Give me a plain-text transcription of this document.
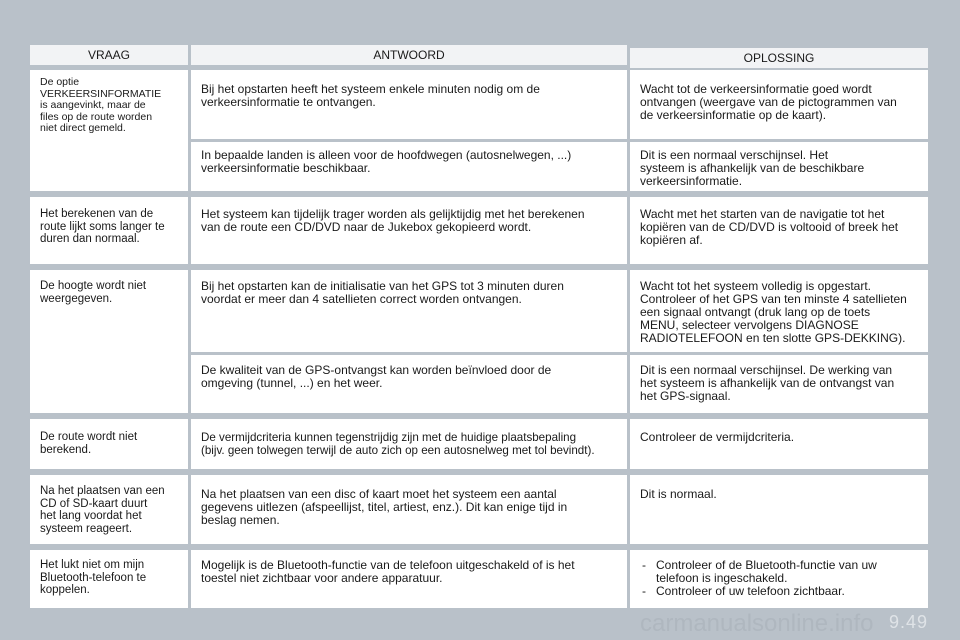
VRAAG	ANTWOORD	OPLOSSING
De optie
VERKEERSINFORMATIE
is aangevinkt, maar de
files op de route worden
niet direct gemeld.
Bij het opstarten heeft het systeem enkele minuten nodig om de
verkeersinformatie te ontvangen.
Wacht tot de verkeersinformatie goed wordt
ontvangen (weergave van de pictogrammen van
de verkeersinformatie op de kaart).
In bepaalde landen is alleen voor de hoofdwegen (autosnelwegen, ...)
verkeersinformatie beschikbaar.
Dit is een normaal verschijnsel. Het
systeem is afhankelijk van de beschikbare
verkeersinformatie.
Het berekenen van de
route lijkt soms langer te
duren dan normaal.
Het systeem kan tijdelijk trager worden als gelijktijdig met het berekenen
van de route een CD/DVD naar de Jukebox gekopieerd wordt.
Wacht met het starten van de navigatie tot het
kopiëren van de CD/DVD is voltooid of breek het
kopiëren af.
De hoogte wordt niet
weergegeven.
Bij het opstarten kan de initialisatie van het GPS tot 3 minuten duren
voordat er meer dan 4 satellieten correct worden ontvangen.
Wacht tot het systeem volledig is opgestart.
Controleer of het GPS van ten minste 4 satellieten
een signaal ontvangt (druk lang op de toets
MENU, selecteer vervolgens DIAGNOSE
RADIOTELEFOON en ten slotte GPS-DEKKING).
De kwaliteit van de GPS-ontvangst kan worden beïnvloed door de
omgeving (tunnel, ...) en het weer.
Dit is een normaal verschijnsel. De werking van
het systeem is afhankelijk van de ontvangst van
het GPS-signaal.
De route wordt niet
berekend.
De vermijdcriteria kunnen tegenstrijdig zijn met de huidige plaatsbepaling
(bijv. geen tolwegen terwijl de auto zich op een autosnelweg met tol bevindt).
Controleer de vermijdcriteria.
Na het plaatsen van een
CD of SD-kaart duurt
het lang voordat het
systeem reageert.
Na het plaatsen van een disc of kaart moet het systeem een aantal
gegevens uitlezen (afspeellijst, titel, artiest, enz.). Dit kan enige tijd in
beslag nemen.
Dit is normaal.
Het lukt niet om mijn
Bluetooth-telefoon te
koppelen.
Mogelijk is de Bluetooth-functie van de telefoon uitgeschakeld of is het
toestel niet zichtbaar voor andere apparatuur.
- Controleer of de Bluetooth-functie van uw
telefoon is ingeschakeld.
- Controleer of uw telefoon zichtbaar.
carmanualsonline.info 9.49
